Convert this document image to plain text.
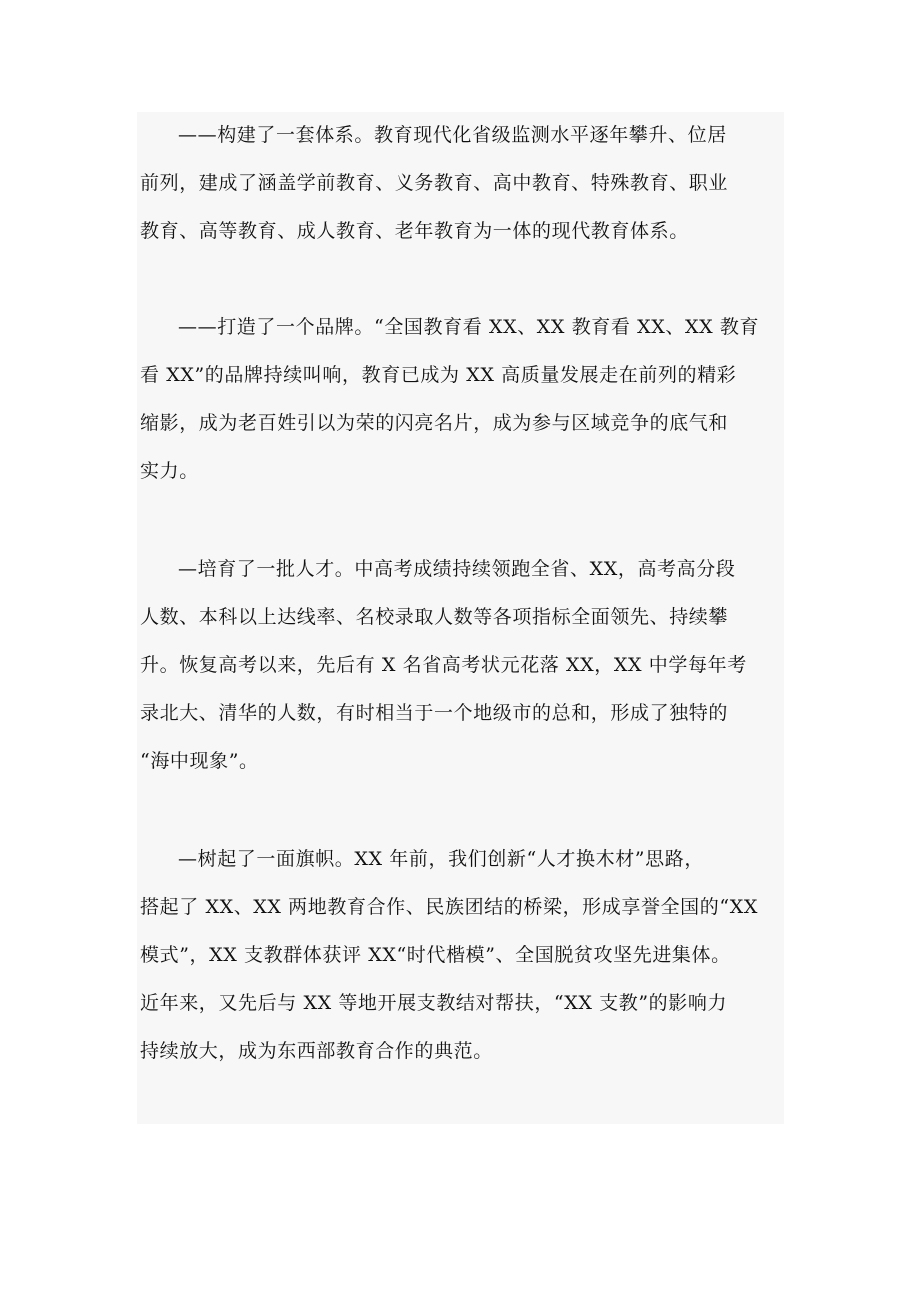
——构建了一套体系。教育现代化省级监测水平逐年攀升、位居
前列，建成了涵盖学前教育、义务教育、高中教育、特殊教育、职业
教育、高等教育、成人教育、老年教育为一体的现代教育体系。
——打造了一个品牌。“全国教育看 XX、XX 教育看 XX、XX 教育
看 XX”的品牌持续叫响，教育已成为 XX 高质量发展走在前列的精彩
缩影，成为老百姓引以为荣的闪亮名片，成为参与区域竞争的底气和
实力。
—培育了一批人才。中高考成绩持续领跑全省、XX，高考高分段
人数、本科以上达线率、名校录取人数等各项指标全面领先、持续攀
升。恢复高考以来，先后有 X 名省高考状元花落 XX，XX 中学每年考
录北大、清华的人数，有时相当于一个地级市的总和，形成了独特的
“海中现象”。
—树起了一面旗帜。XX 年前，我们创新“人才换木材”思路，
搭起了 XX、XX 两地教育合作、民族团结的桥梁，形成享誉全国的“XX
模式”，XX 支教群体获评 XX“时代楷模”、全国脱贫攻坚先进集体。
近年来，又先后与 XX 等地开展支教结对帮扶，“XX 支教”的影响力
持续放大，成为东西部教育合作的典范。
